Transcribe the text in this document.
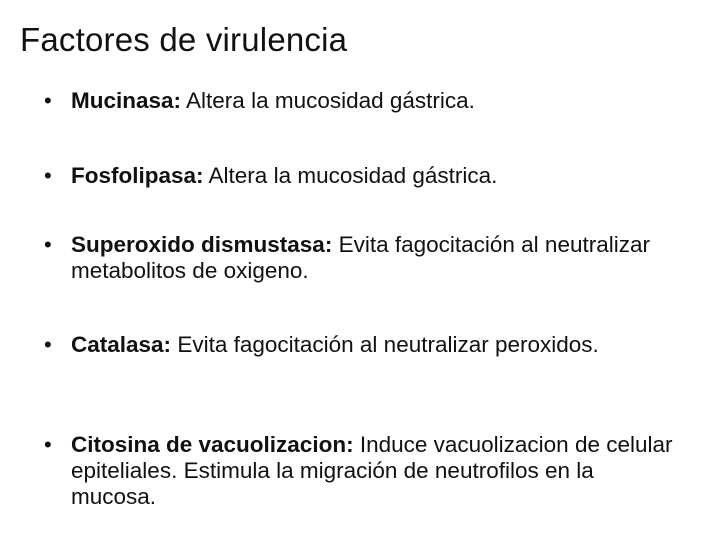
Factores de virulencia
• Mucinasa: Altera la mucosidad gástrica.
• Fosfolipasa: Altera la mucosidad gástrica.
• Superoxido dismustasa: Evita fagocitación al neutralizar metabolitos de oxigeno.
• Catalasa: Evita fagocitación al neutralizar peroxidos.
• Citosina de vacuolizacion: Induce vacuolizacion de celular epiteliales. Estimula la migración de neutrofilos en la mucosa.
